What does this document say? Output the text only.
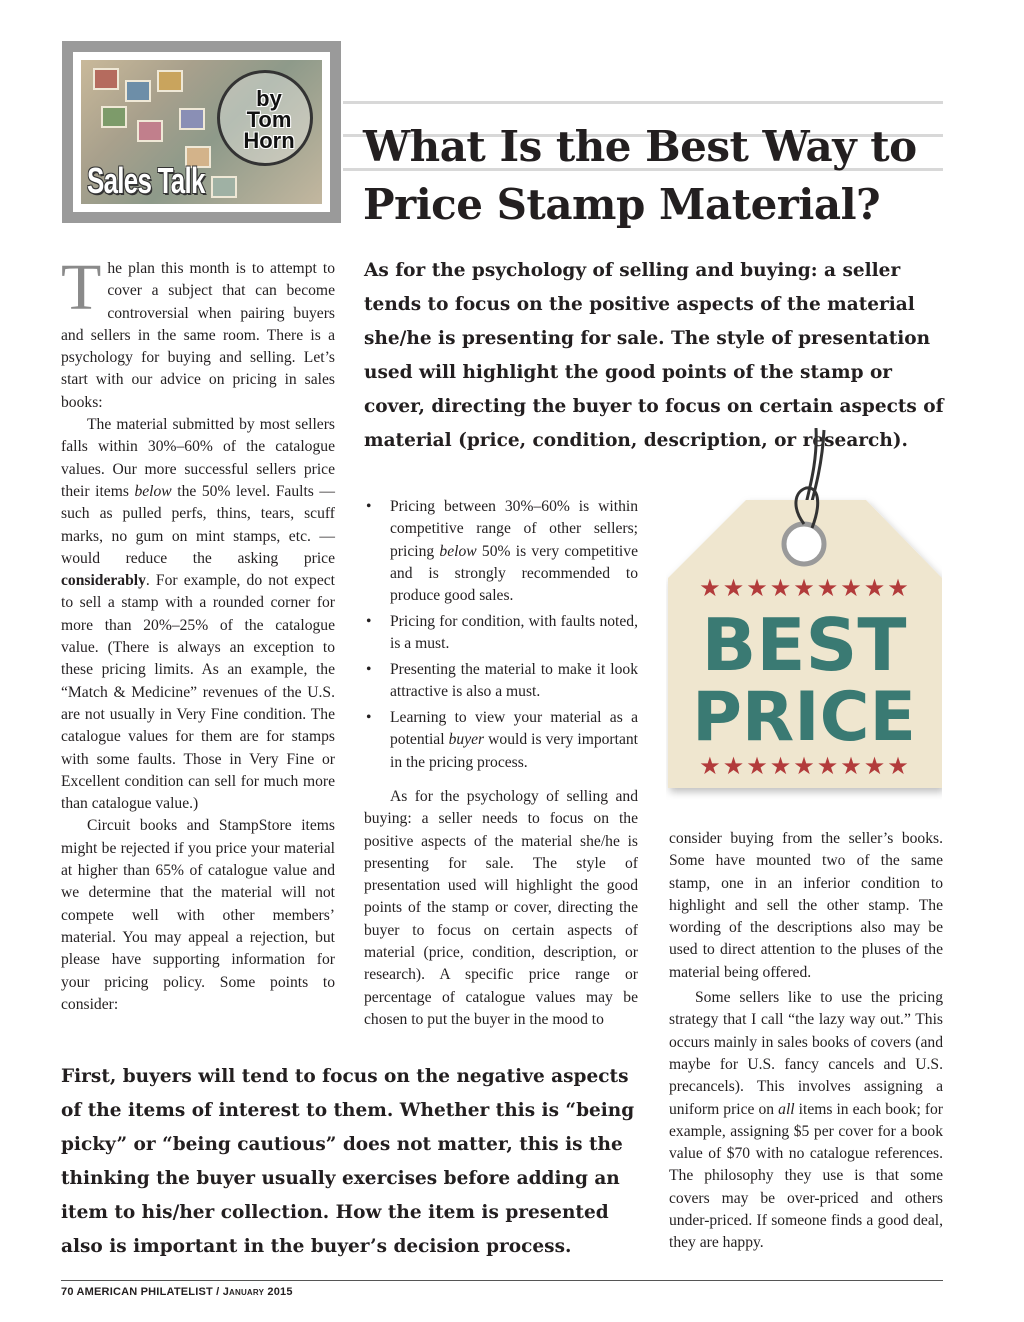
by
Tom
Horn
Sales Talk
What Is the Best Way to
Price Stamp Material?
As for the psychology of selling and buying: a seller tends to focus on the positive aspects of the material she/he is presenting for sale. The style of presentation used will highlight the good points of the stamp or cover, directing the buyer to focus on certain aspects of material (price, condition, description, or research).

The plan this month is to attempt to cover a subject that can become controversial when pairing buyers and sellers in the same room. There is a psychology for buying and selling. Let’s start with our advice on pricing in sales books:

The material submitted by most sellers falls within 30%–60% of the catalogue values. Our more successful sellers price their items below the 50% level. Faults — such as pulled perfs, thins, tears, scuff marks, no gum on mint stamps, etc. — would reduce the asking price considerably. For example, do not expect to sell a stamp with a rounded corner for more than 20%–25% of the catalogue value. (There is always an exception to these pricing limits. As an example, the “Match & Medicine” revenues of the U.S. are not usually in Very Fine condition. The catalogue values for them are for stamps with some faults. Those in Very Fine or Excellent condition can sell for much more than catalogue value.)

Circuit books and StampStore items might be rejected if you price your material at higher than 65% of catalogue value and we determine that the material will not compete well with other members’ material. You may appeal a rejection, but please have supporting information for your pricing policy. Some points to consider:

• Pricing between 30%–60% is within competitive range of other sellers; pricing below 50% is very competitive and is strongly recommended to produce good sales.
• Pricing for condition, with faults noted, is a must.
• Presenting the material to make it look attractive is also a must.
• Learning to view your material as a potential buyer would is very important in the pricing process.

As for the psychology of selling and buying: a seller needs to focus on the positive aspects of the material she/he is presenting for sale. The style of presentation used will highlight the good points of the stamp or cover, directing the buyer to focus on certain aspects of material (price, condition, description, or research). A specific price range or percentage of catalogue values may be chosen to put the buyer in the mood to

★★★★★★★★★
BEST
PRICE
★★★★★★★★★

consider buying from the seller’s books. Some have mounted two of the same stamp, one in an inferior condition to highlight and sell the other stamp. The wording of the descriptions also may be used to direct attention to the pluses of the material being offered.

Some sellers like to use the pricing strategy that I call “the lazy way out.” This occurs mainly in sales books of covers (and maybe for U.S. fancy cancels and U.S. precancels). This involves assigning a uniform price on all items in each book; for example, assigning $5 per cover for a book value of $70 with no catalogue references. The philosophy they use is that some covers may be over-priced and others under-priced. If someone finds a good deal, they are happy.

First, buyers will tend to focus on the negative aspects of the items of interest to them. Whether this is “being picky” or “being cautious” does not matter, this is the thinking the buyer usually exercises before adding an item to his/her collection. How the item is presented also is important in the buyer’s decision process.
70 AMERICAN PHILATELIST / January 2015
